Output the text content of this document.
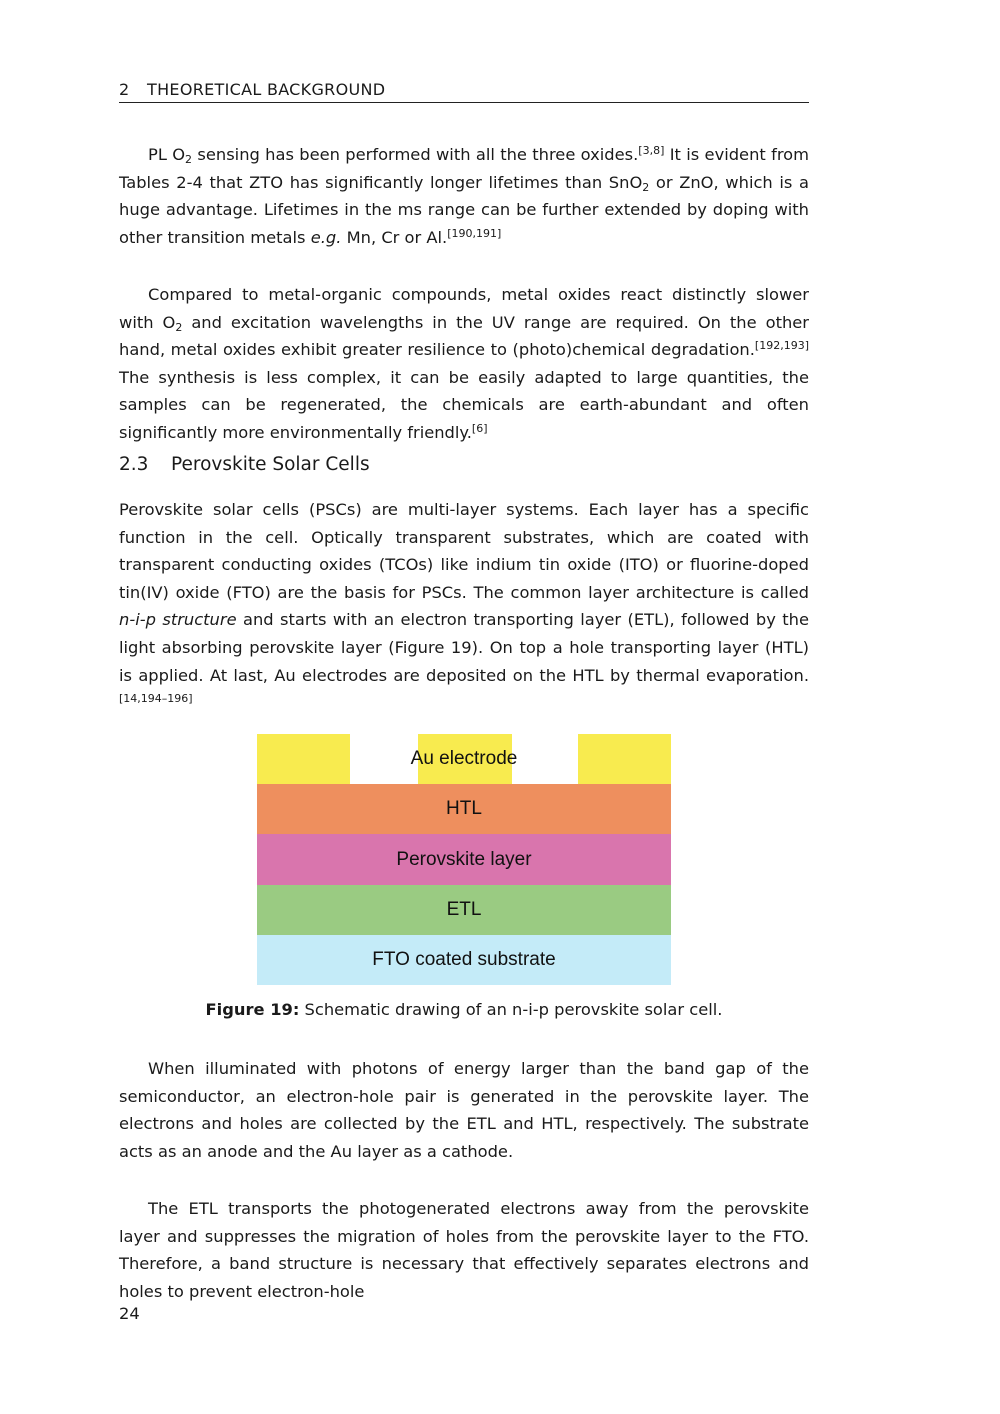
2 THEORETICAL BACKGROUND

PL $O_2$ sensing has been performed with all the three oxides.[3,8] It is evident from Tables 2-4 that ZTO has significantly longer lifetimes than SnO$_2$ or ZnO, which is a huge advantage. Lifetimes in the ms range can be further extended by doping with other transition metals e.g. Mn, Cr or Al.[190,191]

Compared to metal-organic compounds, metal oxides react distinctly slower with $O_2$ and excitation wavelengths in the UV range are required. On the other hand, metal oxides exhibit greater resilience to (photo)chemical degradation.[192,193] The synthesis is less complex, it can be easily adapted to large quantities, the samples can be regenerated, the chemicals are earth-abundant and often significantly more environmentally friendly.[6]

2.3 Perovskite Solar Cells

Perovskite solar cells (PSCs) are multi-layer systems. Each layer has a specific function in the cell. Optically transparent substrates, which are coated with transparent conducting oxides (TCOs) like indium tin oxide (ITO) or fluorine-doped tin(IV) oxide (FTO) are the basis for PSCs. The common layer architecture is called n-i-p structure and starts with an electron transporting layer (ETL), followed by the light absorbing perovskite layer (Figure 19). On top a hole transporting layer (HTL) is applied. At last, Au electrodes are deposited on the HTL by thermal evaporation.[14,194–196]

Au electrode
HTL
Perovskite layer
ETL
FTO coated substrate
Figure 19: Schematic drawing of an n-i-p perovskite solar cell.

When illuminated with photons of energy larger than the band gap of the semiconductor, an electron-hole pair is generated in the perovskite layer. The electrons and holes are collected by the ETL and HTL, respectively. The substrate acts as an anode and the Au layer as a cathode.

The ETL transports the photogenerated electrons away from the perovskite layer and suppresses the migration of holes from the perovskite layer to the FTO. Therefore, a band structure is necessary that effectively separates electrons and holes to prevent electron-hole

24
